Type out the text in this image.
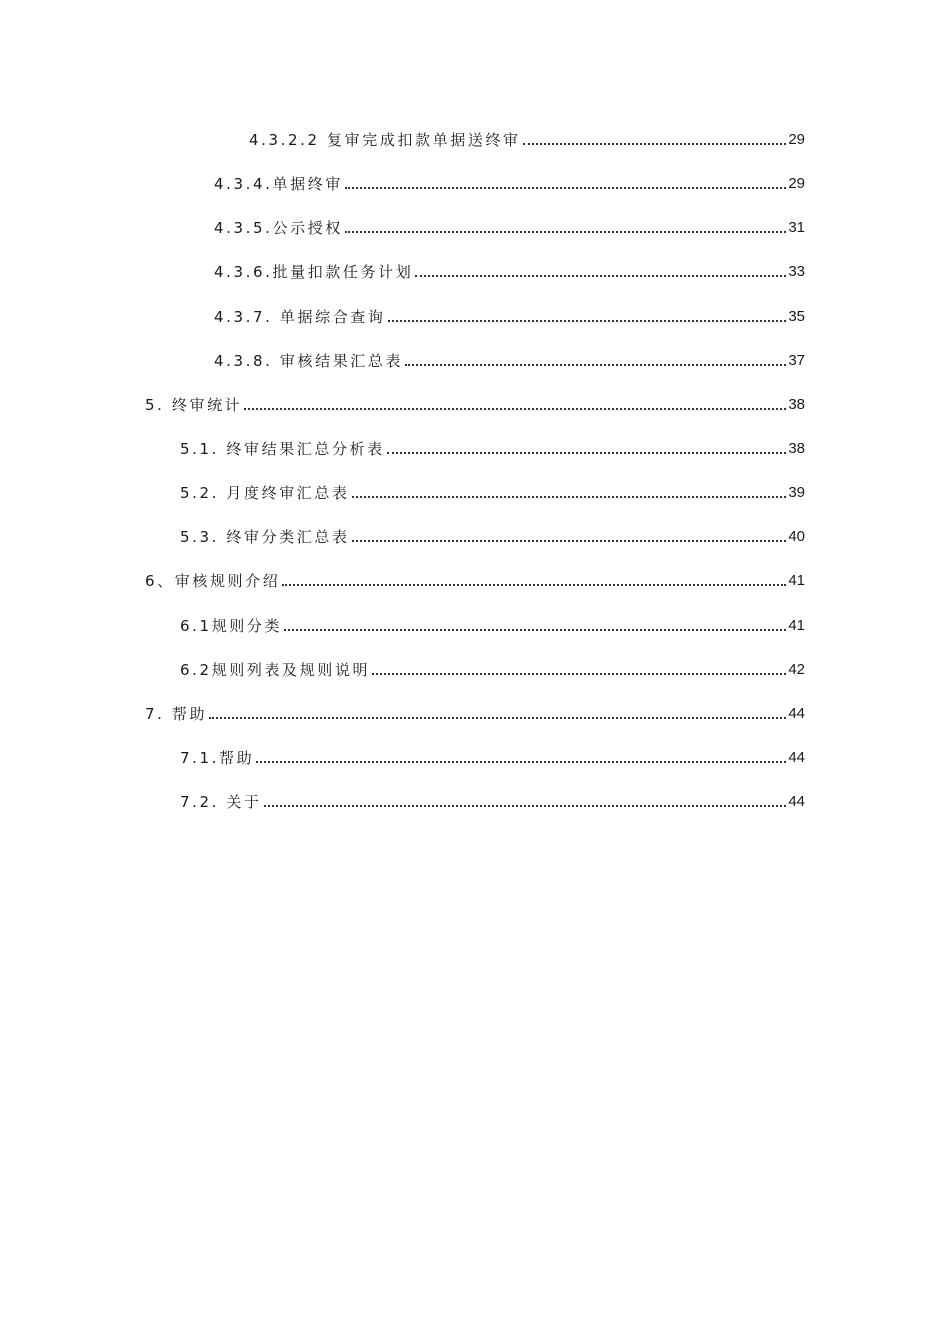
4.3.2.2 复审完成扣款单据送终审	29
4.3.4.单据终审	29
4.3.5.公示授权	31
4.3.6.批量扣款任务计划	33
4.3.7. 单据综合查询	35
4.3.8. 审核结果汇总表	37
5. 终审统计	38
5.1. 终审结果汇总分析表	38
5.2. 月度终审汇总表	39
5.3. 终审分类汇总表	40
6、审核规则介绍	41
6.1规则分类	41
6.2规则列表及规则说明	42
7. 帮助	44
7.1.帮助	44
7.2. 关于	44
